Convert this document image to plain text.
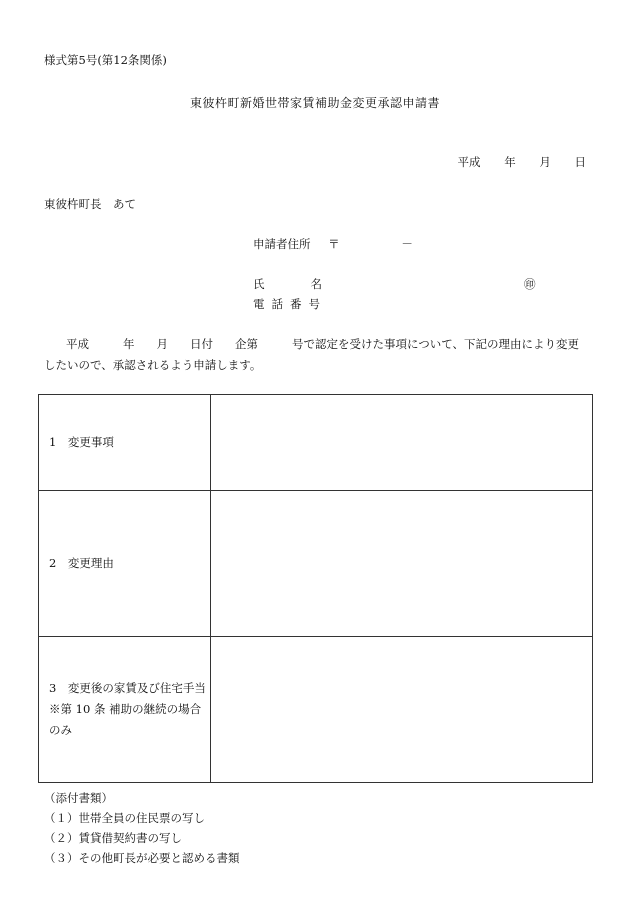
様式第5号(第12条関係)
東彼杵町新婚世帯家賃補助金変更承認申請書
平成 年 月 日
東彼杵町長　あて
申請者住所 〒	－
氏	名	㊞
電話番号
平成	年 月 日付 企第	号で認定を受けた事項について、下記の理由により変更したいので、承認されるよう申請します。
1　変更事項	

2　変更理由	

3　変更後の家賃及び住宅手当
※第 10 条 補助の継続の場合のみ	

（添付書類）
（１）世帯全員の住民票の写し
（２）賃貸借契約書の写し
（３）その他町長が必要と認める書類
